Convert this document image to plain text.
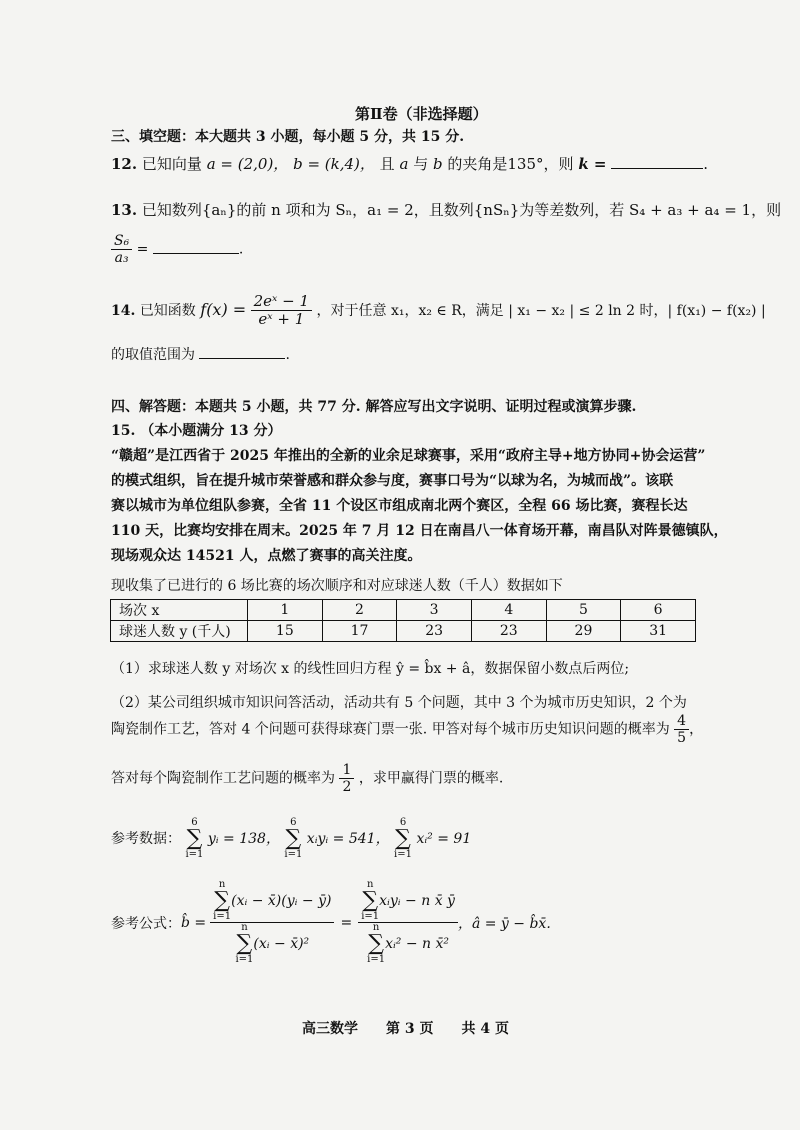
第Ⅱ卷（非选择题）
三、填空题：本大题共 3 小题，每小题 5 分，共 15 分.
12. 已知向量 a = (2,0)， b = (k,4)， 且 a 与 b 的夹角是135°，则 k =	.
13. 已知数列{aₙ}的前 n 项和为 Sₙ，a₁ = 2，且数列{nSₙ}为等差数列，若 S₄ + a₃ + a₄ = 1，则
$\frac{\text{S₆}}{\text{a₃}}$ =	.
14. 已知函数 $f(x) = \frac{\text{2eˣ − 1}}{\text{eˣ + 1}}$ ，对于任意 x₁，x₂ ∈ R，满足 | x₁ − x₂ | ≤ 2 ln 2 时，| f(x₁) − f(x₂) |
的取值范围为	.
四、解答题：本题共 5 小题，共 77 分. 解答应写出文字说明、证明过程或演算步骤.
15. （本小题满分 13 分）
“赣超”是江西省于 2025 年推出的全新的业余足球赛事，采用“政府主导+地方协同+协会运营”
的模式组织，旨在提升城市荣誉感和群众参与度，赛事口号为“以球为名，为城而战”。该联
赛以城市为单位组队参赛，全省 11 个设区市组成南北两个赛区，全程 66 场比赛，赛程长达
110 天，比赛均安排在周末。2025 年 7 月 12 日在南昌八一体育场开幕，南昌队对阵景德镇队，
现场观众达 14521 人，点燃了赛事的高关注度。
现收集了已进行的 6 场比赛的场次顺序和对应球迷人数（千人）数据如下
场次 x	1	2	3	4	5	6
球迷人数 y (千人)	15	17	23	23	29	31
（1）求球迷人数 y 对场次 x 的线性回归方程 ŷ = b̂x + â，数据保留小数点后两位;
（2）某公司组织城市知识问答活动，活动共有 5 个问题，其中 3 个为城市历史知识，2 个为
陶瓷制作工艺，答对 4 个问题可获得球赛门票一张. 甲答对每个城市历史知识问题的概率为 $\frac{4}{5}$ ，
答对每个陶瓷制作工艺问题的概率为 $\frac{1}{2}$ ，求甲赢得门票的概率.
参考数据：
6
∑
i=1
yᵢ = 138，
6
∑
i=1
xᵢyᵢ = 541，
6
∑
i=1
xᵢ² = 91
参考公式： b̂ = n
∑
i=1
(xᵢ − x̄)(yᵢ − ȳ)
n
∑
i=1
(xᵢ − x̄)² = n
∑
i=1
xᵢyᵢ − n x̄ ȳ
n
∑
i=1
xᵢ² − n x̄² ，â = ȳ − b̂x̄.
高三数学　　第 3 页　　共 4 页
